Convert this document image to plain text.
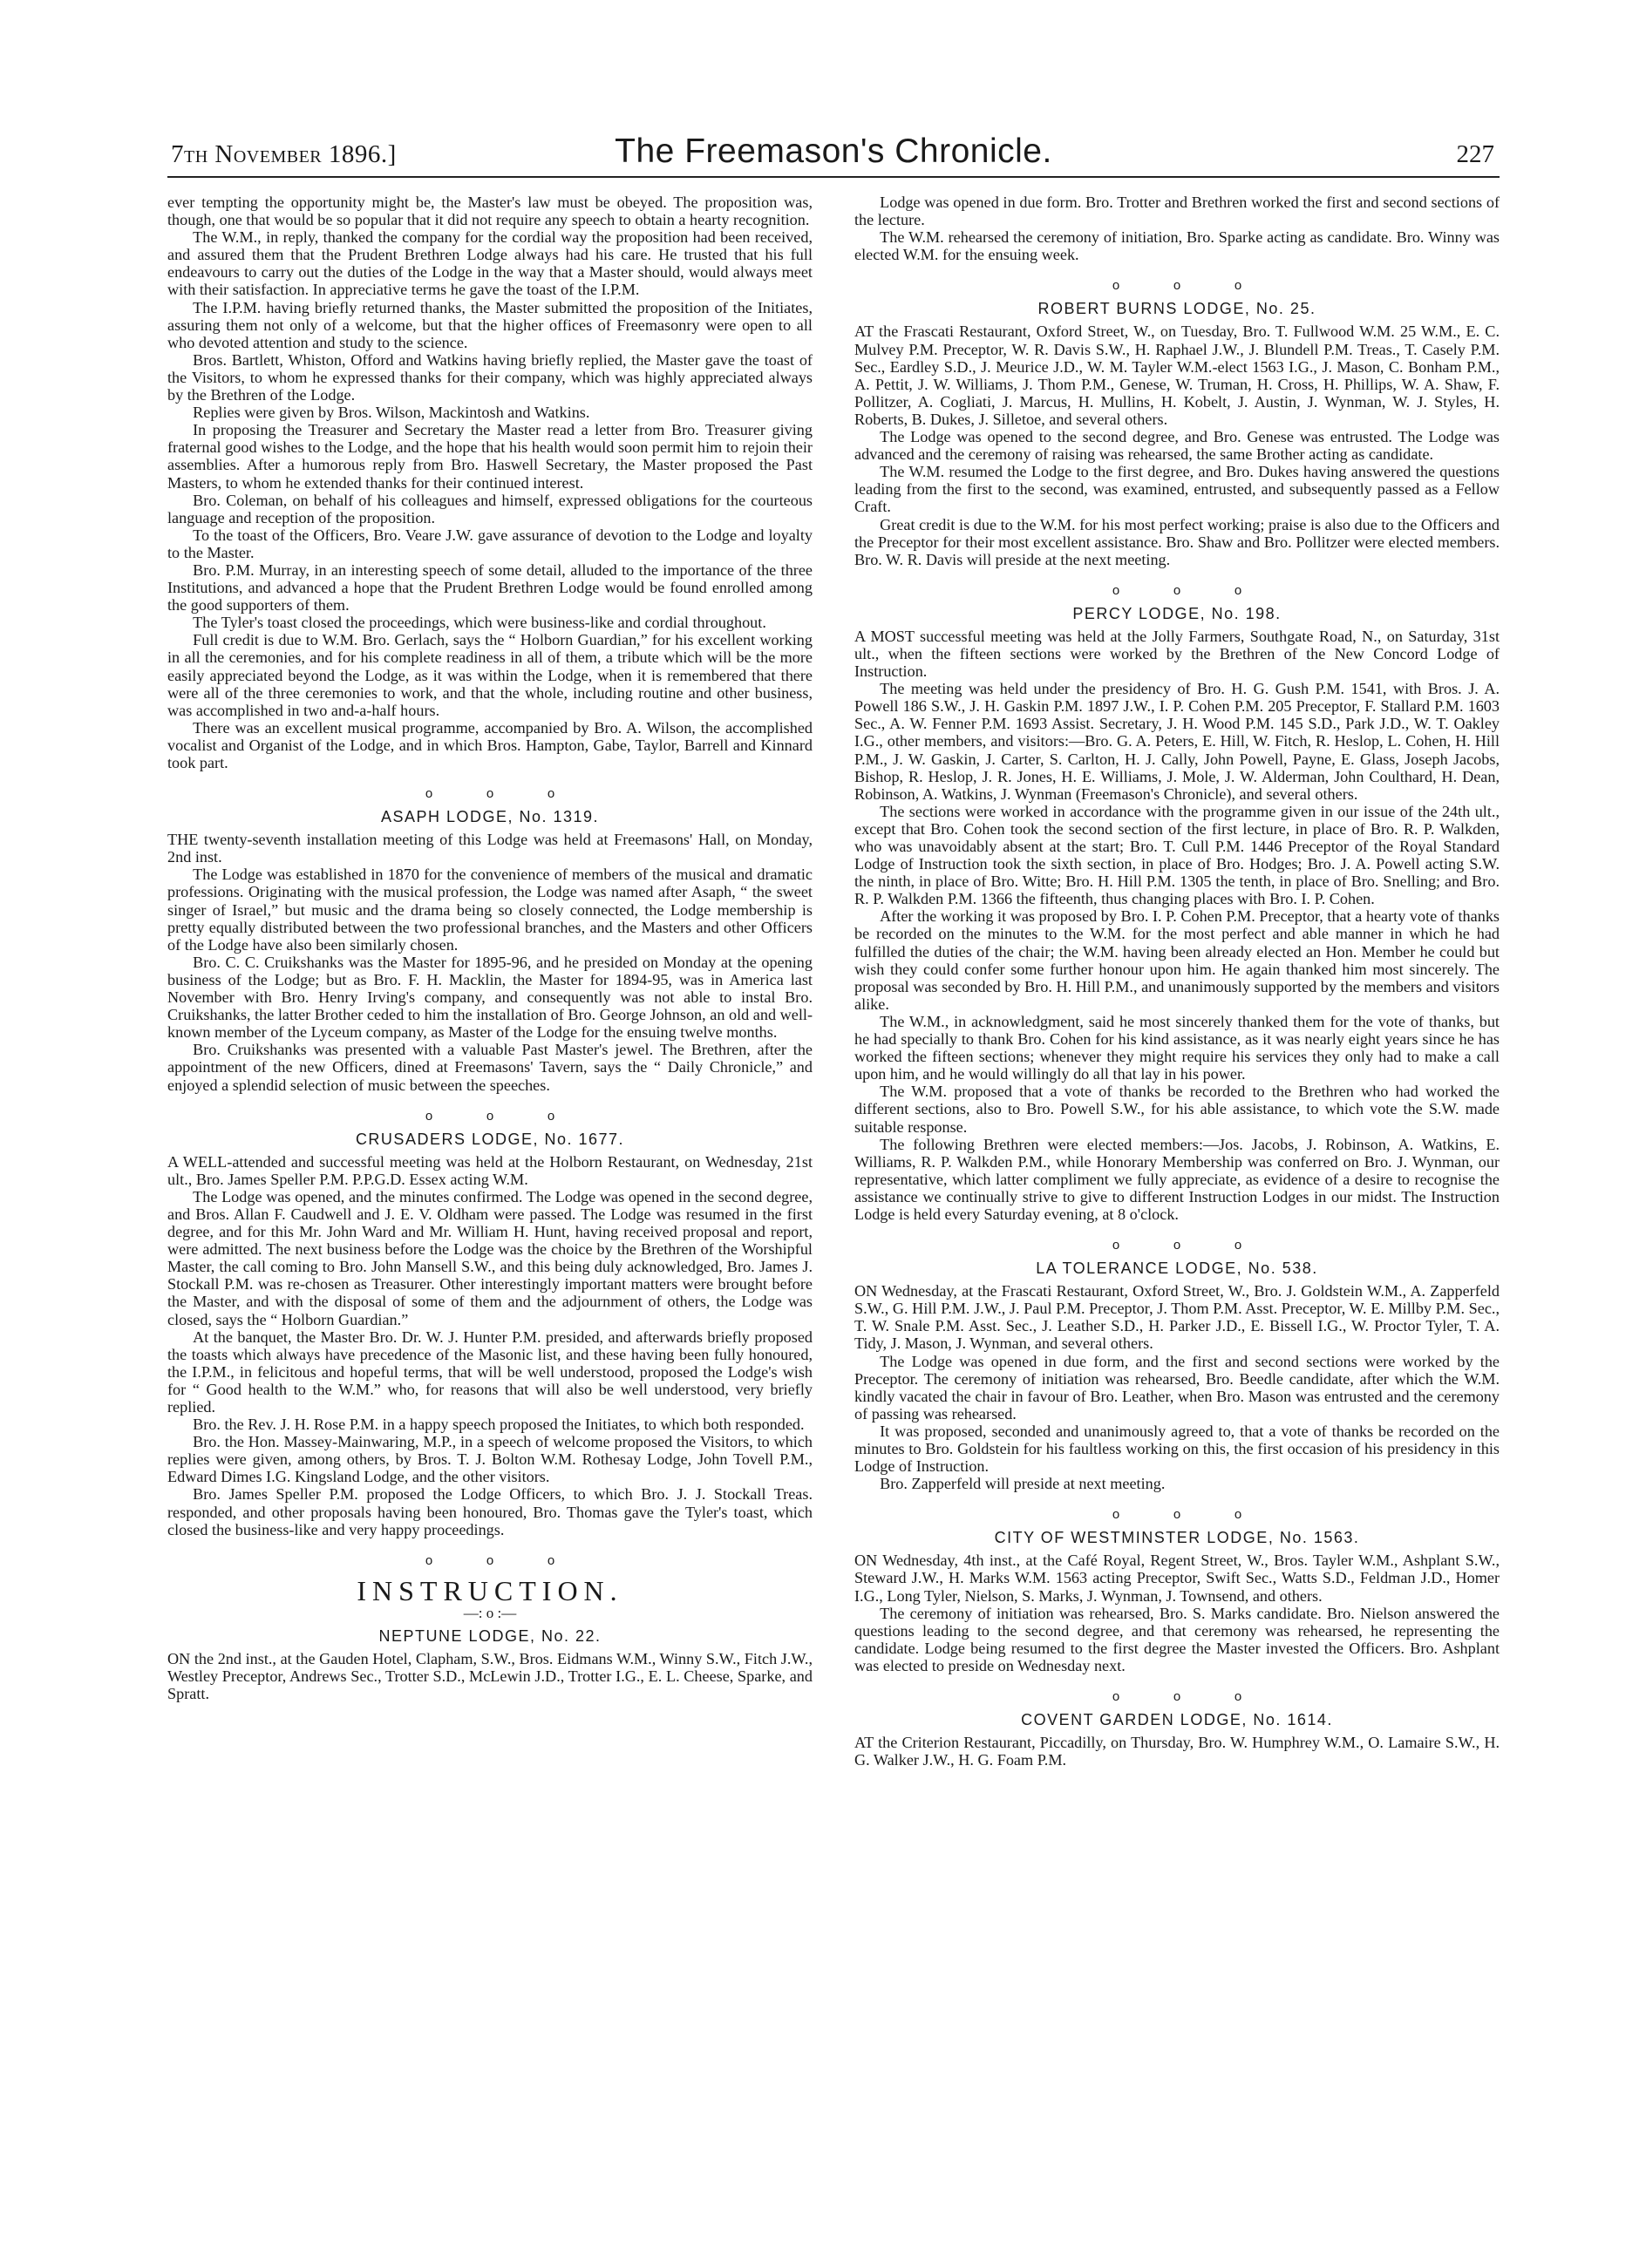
7th November 1896.]	The Freemason's Chronicle.	227

ever tempting the opportunity might be, the Master's law must be obeyed. The proposition was, though, one that would be so popular that it did not require any speech to obtain a hearty recognition.

The W.M., in reply, thanked the company for the cordial way the proposition had been received, and assured them that the Prudent Brethren Lodge always had his care. He trusted that his full endeavours to carry out the duties of the Lodge in the way that a Master should, would always meet with their satisfaction. In appreciative terms he gave the toast of the I.P.M.

The I.P.M. having briefly returned thanks, the Master submitted the proposition of the Initiates, assuring them not only of a welcome, but that the higher offices of Freemasonry were open to all who devoted attention and study to the science.

Bros. Bartlett, Whiston, Offord and Watkins having briefly replied, the Master gave the toast of the Visitors, to whom he expressed thanks for their company, which was highly appreciated always by the Brethren of the Lodge.

Replies were given by Bros. Wilson, Mackintosh and Watkins.

In proposing the Treasurer and Secretary the Master read a letter from Bro. Treasurer giving fraternal good wishes to the Lodge, and the hope that his health would soon permit him to rejoin their assemblies. After a humorous reply from Bro. Haswell Secretary, the Master proposed the Past Masters, to whom he extended thanks for their continued interest.

Bro. Coleman, on behalf of his colleagues and himself, expressed obligations for the courteous language and reception of the proposition.

To the toast of the Officers, Bro. Veare J.W. gave assurance of devotion to the Lodge and loyalty to the Master.

Bro. P.M. Murray, in an interesting speech of some detail, alluded to the importance of the three Institutions, and advanced a hope that the Prudent Brethren Lodge would be found enrolled among the good supporters of them.

The Tyler's toast closed the proceedings, which were business-like and cordial throughout.

Full credit is due to W.M. Bro. Gerlach, says the “ Holborn Guardian,” for his excellent working in all the ceremonies, and for his complete readiness in all of them, a tribute which will be the more easily appreciated beyond the Lodge, as it was within the Lodge, when it is remembered that there were all of the three ceremonies to work, and that the whole, including routine and other business, was accomplished in two and-a-half hours.

There was an excellent musical programme, accompanied by Bro. A. Wilson, the accomplished vocalist and Organist of the Lodge, and in which Bros. Hampton, Gabe, Taylor, Barrell and Kinnard took part.

o	o	o
ASAPH LODGE, No. 1319.

THE twenty-seventh installation meeting of this Lodge was held at Freemasons' Hall, on Monday, 2nd inst.

The Lodge was established in 1870 for the convenience of members of the musical and dramatic professions. Originating with the musical profession, the Lodge was named after Asaph, “ the sweet singer of Israel,” but music and the drama being so closely connected, the Lodge membership is pretty equally distributed between the two professional branches, and the Masters and other Officers of the Lodge have also been similarly chosen.

Bro. C. C. Cruikshanks was the Master for 1895-96, and he presided on Monday at the opening business of the Lodge; but as Bro. F. H. Macklin, the Master for 1894-95, was in America last November with Bro. Henry Irving's company, and consequently was not able to instal Bro. Cruikshanks, the latter Brother ceded to him the installation of Bro. George Johnson, an old and well-known member of the Lyceum company, as Master of the Lodge for the ensuing twelve months.

Bro. Cruikshanks was presented with a valuable Past Master's jewel. The Brethren, after the appointment of the new Officers, dined at Freemasons' Tavern, says the “ Daily Chronicle,” and enjoyed a splendid selection of music between the speeches.

o	o	o
CRUSADERS LODGE, No. 1677.

A WELL-attended and successful meeting was held at the Holborn Restaurant, on Wednesday, 21st ult., Bro. James Speller P.M. P.P.G.D. Essex acting W.M.

The Lodge was opened, and the minutes confirmed. The Lodge was opened in the second degree, and Bros. Allan F. Caudwell and J. E. V. Oldham were passed. The Lodge was resumed in the first degree, and for this Mr. John Ward and Mr. William H. Hunt, having received proposal and report, were admitted. The next business before the Lodge was the choice by the Brethren of the Worshipful Master, the call coming to Bro. John Mansell S.W., and this being duly acknowledged, Bro. James J. Stockall P.M. was re-chosen as Treasurer. Other interestingly important matters were brought before the Master, and with the disposal of some of them and the adjournment of others, the Lodge was closed, says the “ Holborn Guardian.”

At the banquet, the Master Bro. Dr. W. J. Hunter P.M. presided, and afterwards briefly proposed the toasts which always have precedence of the Masonic list, and these having been fully honoured, the I.P.M., in felicitous and hopeful terms, that will be well understood, proposed the Lodge's wish for “ Good health to the W.M.” who, for reasons that will also be well understood, very briefly replied.

Bro. the Rev. J. H. Rose P.M. in a happy speech proposed the Initiates, to which both responded.

Bro. the Hon. Massey-Mainwaring, M.P., in a speech of welcome proposed the Visitors, to which replies were given, among others, by Bros. T. J. Bolton W.M. Rothesay Lodge, John Tovell P.M., Edward Dimes I.G. Kingsland Lodge, and the other visitors.

Bro. James Speller P.M. proposed the Lodge Officers, to which Bro. J. J. Stockall Treas. responded, and other proposals having been honoured, Bro. Thomas gave the Tyler's toast, which closed the business-like and very happy proceedings.

o	o	o
INSTRUCTION.
—: o :—
NEPTUNE LODGE, No. 22.

ON the 2nd inst., at the Gauden Hotel, Clapham, S.W., Bros. Eidmans W.M., Winny S.W., Fitch J.W., Westley Preceptor, Andrews Sec., Trotter S.D., McLewin J.D., Trotter I.G., E. L. Cheese, Sparke, and Spratt.

Lodge was opened in due form. Bro. Trotter and Brethren worked the first and second sections of the lecture.

The W.M. rehearsed the ceremony of initiation, Bro. Sparke acting as candidate. Bro. Winny was elected W.M. for the ensuing week.

o	o	o
ROBERT BURNS LODGE, No. 25.

AT the Frascati Restaurant, Oxford Street, W., on Tuesday, Bro. T. Fullwood W.M. 25 W.M., E. C. Mulvey P.M. Preceptor, W. R. Davis S.W., H. Raphael J.W., J. Blundell P.M. Treas., T. Casely P.M. Sec., Eardley S.D., J. Meurice J.D., W. M. Tayler W.M.-elect 1563 I.G., J. Mason, C. Bonham P.M., A. Pettit, J. W. Williams, J. Thom P.M., Genese, W. Truman, H. Cross, H. Phillips, W. A. Shaw, F. Pollitzer, A. Cogliati, J. Marcus, H. Mullins, H. Kobelt, J. Austin, J. Wynman, W. J. Styles, H. Roberts, B. Dukes, J. Silletoe, and several others.

The Lodge was opened to the second degree, and Bro. Genese was entrusted. The Lodge was advanced and the ceremony of raising was rehearsed, the same Brother acting as candidate.

The W.M. resumed the Lodge to the first degree, and Bro. Dukes having answered the questions leading from the first to the second, was examined, entrusted, and subsequently passed as a Fellow Craft.

Great credit is due to the W.M. for his most perfect working; praise is also due to the Officers and the Preceptor for their most excellent assistance. Bro. Shaw and Bro. Pollitzer were elected members. Bro. W. R. Davis will preside at the next meeting.

o	o	o
PERCY LODGE, No. 198.

A MOST successful meeting was held at the Jolly Farmers, Southgate Road, N., on Saturday, 31st ult., when the fifteen sections were worked by the Brethren of the New Concord Lodge of Instruction.

The meeting was held under the presidency of Bro. H. G. Gush P.M. 1541, with Bros. J. A. Powell 186 S.W., J. H. Gaskin P.M. 1897 J.W., I. P. Cohen P.M. 205 Preceptor, F. Stallard P.M. 1603 Sec., A. W. Fenner P.M. 1693 Assist. Secretary, J. H. Wood P.M. 145 S.D., Park J.D., W. T. Oakley I.G., other members, and visitors:—Bro. G. A. Peters, E. Hill, W. Fitch, R. Heslop, L. Cohen, H. Hill P.M., J. W. Gaskin, J. Carter, S. Carlton, H. J. Cally, John Powell, Payne, E. Glass, Joseph Jacobs, Bishop, R. Heslop, J. R. Jones, H. E. Williams, J. Mole, J. W. Alderman, John Coulthard, H. Dean, Robinson, A. Watkins, J. Wynman (Freemason's Chronicle), and several others.

The sections were worked in accordance with the programme given in our issue of the 24th ult., except that Bro. Cohen took the second section of the first lecture, in place of Bro. R. P. Walkden, who was unavoidably absent at the start; Bro. T. Cull P.M. 1446 Preceptor of the Royal Standard Lodge of Instruction took the sixth section, in place of Bro. Hodges; Bro. J. A. Powell acting S.W. the ninth, in place of Bro. Witte; Bro. H. Hill P.M. 1305 the tenth, in place of Bro. Snelling; and Bro. R. P. Walkden P.M. 1366 the fifteenth, thus changing places with Bro. I. P. Cohen.

After the working it was proposed by Bro. I. P. Cohen P.M. Preceptor, that a hearty vote of thanks be recorded on the minutes to the W.M. for the most perfect and able manner in which he had fulfilled the duties of the chair; the W.M. having been already elected an Hon. Member he could but wish they could confer some further honour upon him. He again thanked him most sincerely. The proposal was seconded by Bro. H. Hill P.M., and unanimously supported by the members and visitors alike.

The W.M., in acknowledgment, said he most sincerely thanked them for the vote of thanks, but he had specially to thank Bro. Cohen for his kind assistance, as it was nearly eight years since he has worked the fifteen sections; whenever they might require his services they only had to make a call upon him, and he would willingly do all that lay in his power.

The W.M. proposed that a vote of thanks be recorded to the Brethren who had worked the different sections, also to Bro. Powell S.W., for his able assistance, to which vote the S.W. made suitable response.

The following Brethren were elected members:—Jos. Jacobs, J. Robinson, A. Watkins, E. Williams, R. P. Walkden P.M., while Honorary Membership was conferred on Bro. J. Wynman, our representative, which latter compliment we fully appreciate, as evidence of a desire to recognise the assistance we continually strive to give to different Instruction Lodges in our midst. The Instruction Lodge is held every Saturday evening, at 8 o'clock.

o	o	o
LA TOLERANCE LODGE, No. 538.

ON Wednesday, at the Frascati Restaurant, Oxford Street, W., Bro. J. Goldstein W.M., A. Zapperfeld S.W., G. Hill P.M. J.W., J. Paul P.M. Preceptor, J. Thom P.M. Asst. Preceptor, W. E. Millby P.M. Sec., T. W. Snale P.M. Asst. Sec., J. Leather S.D., H. Parker J.D., E. Bissell I.G., W. Proctor Tyler, T. A. Tidy, J. Mason, J. Wynman, and several others.

The Lodge was opened in due form, and the first and second sections were worked by the Preceptor. The ceremony of initiation was rehearsed, Bro. Beedle candidate, after which the W.M. kindly vacated the chair in favour of Bro. Leather, when Bro. Mason was entrusted and the ceremony of passing was rehearsed.

It was proposed, seconded and unanimously agreed to, that a vote of thanks be recorded on the minutes to Bro. Goldstein for his faultless working on this, the first occasion of his presidency in this Lodge of Instruction.

Bro. Zapperfeld will preside at next meeting.

o	o	o
CITY OF WESTMINSTER LODGE, No. 1563.

ON Wednesday, 4th inst., at the Café Royal, Regent Street, W., Bros. Tayler W.M., Ashplant S.W., Steward J.W., H. Marks W.M. 1563 acting Preceptor, Swift Sec., Watts S.D., Feldman J.D., Homer I.G., Long Tyler, Nielson, S. Marks, J. Wynman, J. Townsend, and others.

The ceremony of initiation was rehearsed, Bro. S. Marks candidate. Bro. Nielson answered the questions leading to the second degree, and that ceremony was rehearsed, he representing the candidate. Lodge being resumed to the first degree the Master invested the Officers. Bro. Ashplant was elected to preside on Wednesday next.

o	o	o
COVENT GARDEN LODGE, No. 1614.

AT the Criterion Restaurant, Piccadilly, on Thursday, Bro. W. Humphrey W.M., O. Lamaire S.W., H. G. Walker J.W., H. G. Foam P.M.
